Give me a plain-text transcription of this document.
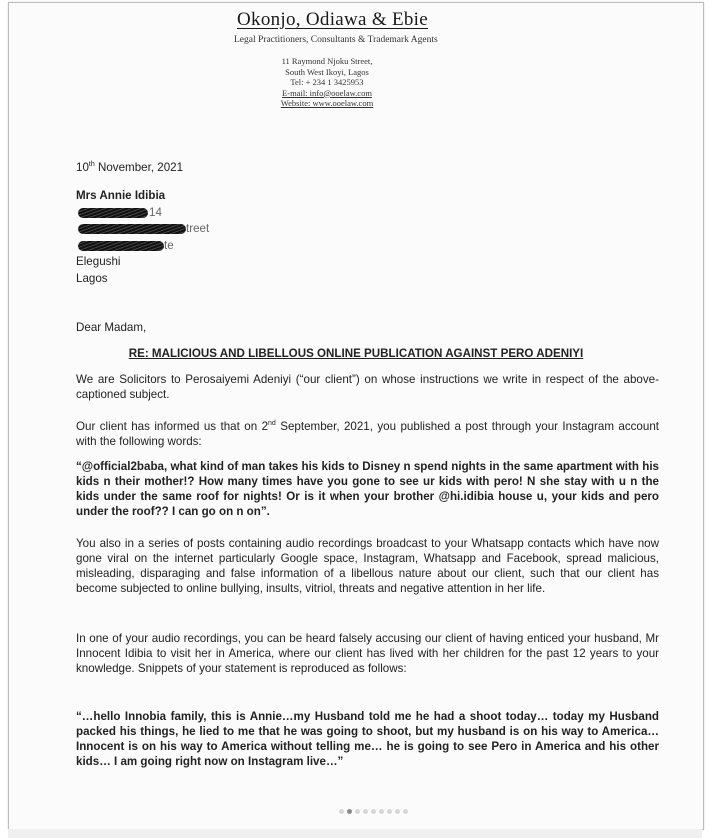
Okonjo, Odiawa & Ebie
Legal Practitioners, Consultants & Trademark Agents
11 Raymond Njoku Street,
South West Ikoyi, Lagos
Tel: + 234 1 3425953
E-mail: info@ooelaw.com
Website: www.ooelaw.com
10th November, 2021
Mrs Annie Idibia
14
treet
te
Elegushi
Lagos
Dear Madam,
RE: MALICIOUS AND LIBELLOUS ONLINE PUBLICATION AGAINST PERO ADENIYI
We are Solicitors to Perosaiyemi Adeniyi (“our client”) on whose instructions we write in respect of the above-captioned subject.
Our client has informed us that on 2nd September, 2021, you published a post through your Instagram account with the following words:
“@official2baba, what kind of man takes his kids to Disney n spend nights in the same apartment with his kids n their mother!? How many times have you gone to see ur kids with pero! N she stay with u n the kids under the same roof for nights! Or is it when your brother @hi.idibia house u, your kids and pero under the roof?? I can go on n on”.
You also in a series of posts containing audio recordings broadcast to your Whatsapp contacts which have now gone viral on the internet particularly Google space, Instagram, Whatsapp and Facebook, spread malicious, misleading, disparaging and false information of a libellous nature about our client, such that our client has become subjected to online bullying, insults, vitriol, threats and negative attention in her life.
In one of your audio recordings, you can be heard falsely accusing our client of having enticed your husband, Mr Innocent Idibia to visit her in America, where our client has lived with her children for the past 12 years to your knowledge. Snippets of your statement is reproduced as follows:
“…hello Innobia family, this is Annie…my Husband told me he had a shoot today… today my Husband packed his things, he lied to me that he was going to shoot, but my husband is on his way to America…Innocent is on his way to America without telling me… he is going to see Pero in America and his other kids… I am going right now on Instagram live…”
